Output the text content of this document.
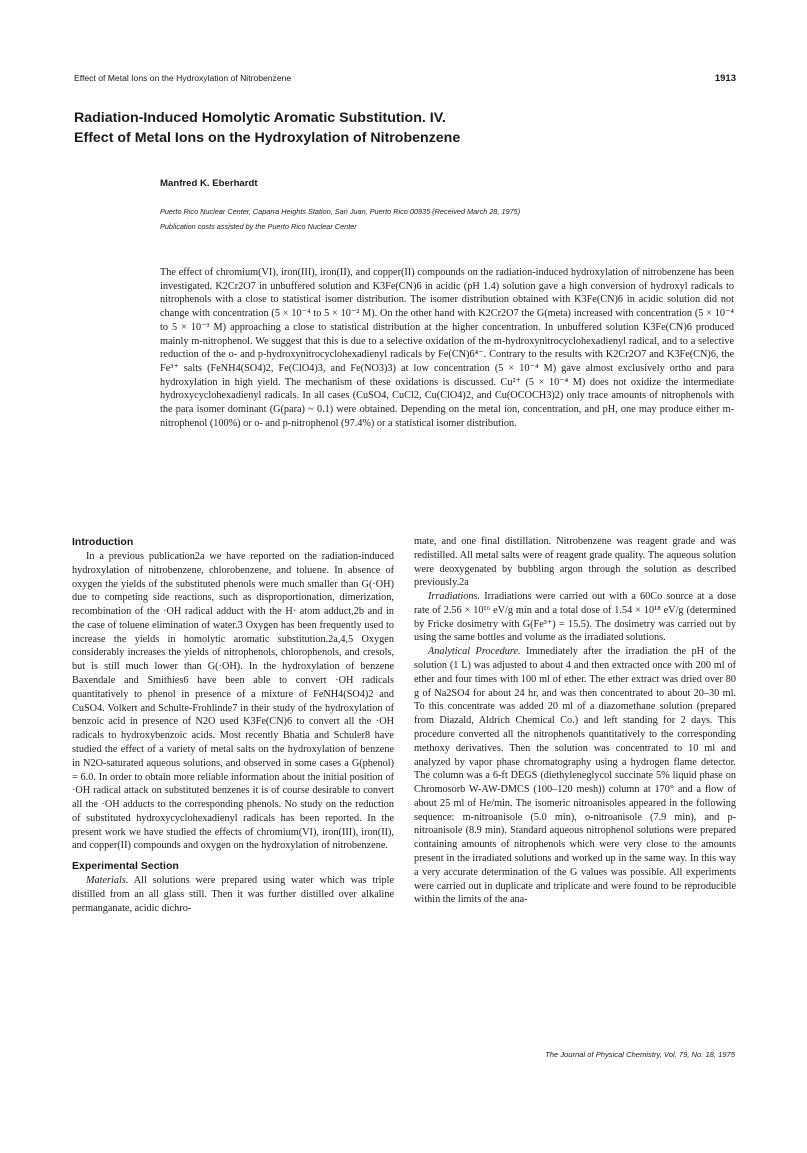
Effect of Metal Ions on the Hydroxylation of Nitrobenzene	1913
Radiation-Induced Homolytic Aromatic Substitution. IV.
Effect of Metal Ions on the Hydroxylation of Nitrobenzene
Manfred K. Eberhardt
Puerto Rico Nuclear Center, Caparra Heights Station, San Juan, Puerto Rico 00935 (Received March 28, 1975)
Publication costs assisted by the Puerto Rico Nuclear Center
The effect of chromium(VI), iron(III), iron(II), and copper(II) compounds on the radiation-induced hydroxylation of nitrobenzene has been investigated. K2Cr2O7 in unbuffered solution and K3Fe(CN)6 in acidic (pH 1.4) solution gave a high conversion of hydroxyl radicals to nitrophenols with a close to statistical isomer distribution. The isomer distribution obtained with K3Fe(CN)6 in acidic solution did not change with concentration (5 × 10⁻⁴ to 5 × 10⁻² M). On the other hand with K2Cr2O7 the G(meta) increased with concentration (5 × 10⁻⁴ to 5 × 10⁻³ M) approaching a close to statistical distribution at the higher concentration. In unbuffered solution K3Fe(CN)6 produced mainly m-nitrophenol. We suggest that this is due to a selective oxidation of the m-hydroxynitrocyclohexadienyl radical, and to a selective reduction of the o- and p-hydroxynitrocyclohexadienyl radicals by Fe(CN)6⁴⁻. Contrary to the results with K2Cr2O7 and K3Fe(CN)6, the Fe³⁺ salts (FeNH4(SO4)2, Fe(ClO4)3, and Fe(NO3)3) at low concentration (5 × 10⁻⁴ M) gave almost exclusively ortho and para hydroxylation in high yield. The mechanism of these oxidations is discussed. Cu²⁺ (5 × 10⁻⁴ M) does not oxidize the intermediate hydroxycyclohexadienyl radicals. In all cases (CuSO4, CuCl2, Cu(ClO4)2, and Cu(OCOCH3)2) only trace amounts of nitrophenols with the para isomer dominant (G(para) ~ 0.1) were obtained. Depending on the metal ion, concentration, and pH, one may produce either m-nitrophenol (100%) or o- and p-nitrophenol (97.4%) or a statistical isomer distribution.
Introduction

In a previous publication2a we have reported on the radiation-induced hydroxylation of nitrobenzene, chlorobenzene, and toluene. In absence of oxygen the yields of the substituted phenols were much smaller than G(·OH) due to competing side reactions, such as disproportionation, dimerization, recombination of the ·OH radical adduct with the H· atom adduct,2b and in the case of toluene elimination of water.3 Oxygen has been frequently used to increase the yields in homolytic aromatic substitution.2a,4,5 Oxygen considerably increases the yields of nitrophenols, chlorophenols, and cresols, but is still much lower than G(·OH). In the hydroxylation of benzene Baxendale and Smithies6 have been able to convert ·OH radicals quantitatively to phenol in presence of a mixture of FeNH4(SO4)2 and CuSO4. Volkert and Schulte-Frohlinde7 in their study of the hydroxylation of benzoic acid in presence of N2O used K3Fe(CN)6 to convert all the ·OH radicals to hydroxybenzoic acids. Most recently Bhatia and Schuler8 have studied the effect of a variety of metal salts on the hydroxylation of benzene in N2O-saturated aqueous solutions, and observed in some cases a G(phenol) = 6.0. In order to obtain more reliable information about the initial position of ·OH radical attack on substituted benzenes it is of course desirable to convert all the ·OH adducts to the corresponding phenols. No study on the reduction of substituted hydroxycyclohexadienyl radicals has been reported. In the present work we have studied the effects of chromium(VI), iron(III), iron(II), and copper(II) compounds and oxygen on the hydroxylation of nitrobenzene.

Experimental Section

Materials. All solutions were prepared using water which was triple distilled from an all glass still. Then it was further distilled over alkaline permanganate, acidic dichro-

mate, and one final distillation. Nitrobenzene was reagent grade and was redistilled. All metal salts were of reagent grade quality. The aqueous solution were deoxygenated by bubbling argon through the solution as described previously.2a

Irradiations. Irradiations were carried out with a 60Co source at a dose rate of 2.56 × 10¹⁶ eV/g min and a total dose of 1.54 × 10¹⁸ eV/g (determined by Fricke dosimetry with G(Fe³⁺) = 15.5). The dosimetry was carried out by using the same bottles and volume as the irradiated solutions.

Analytical Procedure. Immediately after the irradiation the pH of the solution (1 L) was adjusted to about 4 and then extracted once with 200 ml of ether and four times with 100 ml of ether. The ether extract was dried over 80 g of Na2SO4 for about 24 hr, and was then concentrated to about 20–30 ml. To this concentrate was added 20 ml of a diazomethane solution (prepared from Diazald, Aldrich Chemical Co.) and left standing for 2 days. This procedure converted all the nitrophenols quantitatively to the corresponding methoxy derivatives. Then the solution was concentrated to 10 ml and analyzed by vapor phase chromatography using a hydrogen flame detector. The column was a 6-ft DEGS (diethyleneglycol succinate 5% liquid phase on Chromosorb W-AW-DMCS (100–120 mesh)) column at 170° and a flow of about 25 ml of He/min. The isomeric nitroanisoles appeared in the following sequence: m-nitroanisole (5.0 min), o-nitroanisole (7.9 min), and p-nitroanisole (8.9 min). Standard aqueous nitrophenol solutions were prepared containing amounts of nitrophenols which were very close to the amounts present in the irradiated solutions and worked up in the same way. In this way a very accurate determination of the G values was possible. All experiments were carried out in duplicate and triplicate and were found to be reproducible within the limits of the ana-

The Journal of Physical Chemistry, Vol. 79, No. 18, 1975
